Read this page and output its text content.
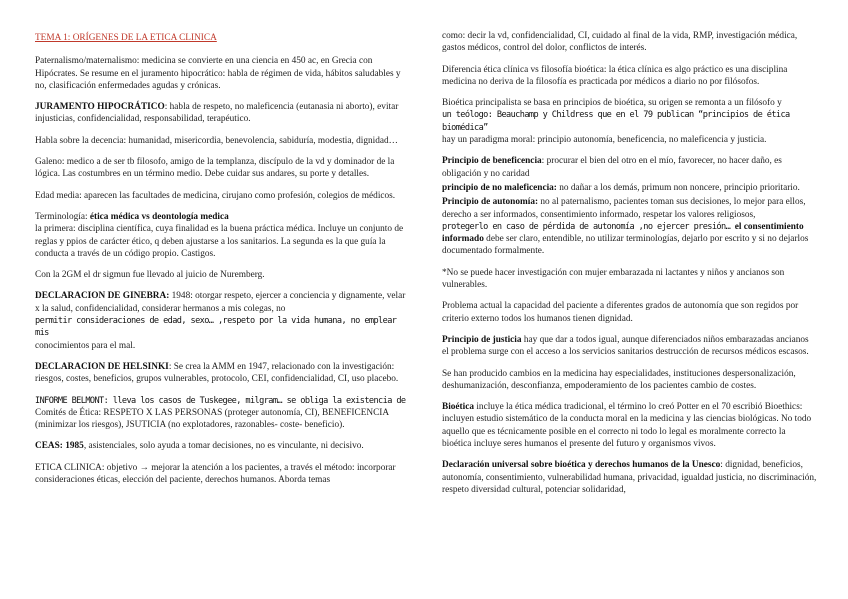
TEMA 1: ORÍGENES DE LA ETICA CLINICA

Paternalismo/maternalismo: medicina se convierte en una ciencia en 450 ac, en Grecia con Hipócrates. Se resume en el juramento hipocrático: habla de régimen de vida, hábitos saludables y no, clasificación enfermedades agudas y crónicas.

JURAMENTO HIPOCRÁTICO: habla de respeto, no maleficencia (eutanasia ni aborto), evitar injusticias, confidencialidad, responsabilidad, terapéutico.

Habla sobre la decencia: humanidad, misericordia, benevolencia, sabiduría, modestia, dignidad…

Galeno: medico a de ser tb filosofo, amigo de la templanza, discípulo de la vd y dominador de la lógica. Las costumbres en un término medio. Debe cuidar sus andares, su porte y detalles.

Edad media: aparecen las facultades de medicina, cirujano como profesión, colegios de médicos.

Terminología: ética médica vs deontología medica
la primera: disciplina científica, cuya finalidad es la buena práctica médica. Incluye un conjunto de reglas y ppios de carácter ético, q deben ajustarse a los sanitarios. La segunda es la que guía la conducta a través de un código propio. Castigos.

Con la 2GM el dr sigmun fue llevado al juicio de Nuremberg.

DECLARACION DE GINEBRA: 1948: otorgar respeto, ejercer a conciencia y dignamente, velar x la salud, confidencialidad, considerar hermanos a mis colegas, no
permitir consideraciones de edad, sexo… ,respeto por la vida humana, no emplear mis
conocimientos para el mal.

DECLARACION DE HELSINKI: Se crea la AMM en 1947, relacionado con la investigación: riesgos, costes, beneficios, grupos vulnerables, protocolo, CEI, confidencialidad, CI, uso placebo.

INFORME BELMONT: lleva los casos de Tuskegee, milgram… se obliga la existencia de
Comités de Ética: RESPETO X LAS PERSONAS (proteger autonomía, CI), BENEFICENCIA (minimizar los riesgos), JSUTICIA (no explotadores, razonables- coste- beneficio).

CEAS: 1985, asistenciales, solo ayuda a tomar decisiones, no es vinculante, ni decisivo.

ETICA CLINICA: objetivo → mejorar la atención a los pacientes, a través el método: incorporar consideraciones éticas, elección del paciente, derechos humanos. Aborda temas

como: decir la vd, confidencialidad, CI, cuidado al final de la vida, RMP, investigación médica, gastos médicos, control del dolor, conflictos de interés.

Diferencia ética clínica vs filosofía bioética: la ética clínica es algo práctico es una disciplina medicina no deriva de la filosofía es practicada por médicos a diario no por filósofos.

Bioética principalista se basa en principios de bioética, su origen se remonta a un filósofo y
un teólogo: Beauchamp y Childress que en el 79 publican “principios de ética biomédica”
hay un paradigma moral: principio autonomía, beneficencia, no maleficencia y justicia.

Principio de beneficencia: procurar el bien del otro en el mío, favorecer, no hacer daño, es obligación y no caridad

principio de no maleficencia: no dañar a los demás, primum non noncere, principio prioritario.

Principio de autonomía: no al paternalismo, pacientes toman sus decisiones, lo mejor para ellos, derecho a ser informados, consentimiento informado, respetar los valores religiosos,
protegerlo en caso de pérdida de autonomía ,no ejercer presión… el consentimiento informado debe ser claro, entendible, no utilizar terminologías, dejarlo por escrito y si no dejarlos documentado formalmente.

*No se puede hacer investigación con mujer embarazada ni lactantes y niños y ancianos son vulnerables.

Problema actual la capacidad del paciente a diferentes grados de autonomía que son regidos por criterio externo todos los humanos tienen dignidad.

Principio de justicia hay que dar a todos igual, aunque diferenciados niños embarazadas ancianos el problema surge con el acceso a los servicios sanitarios destrucción de recursos médicos escasos.

Se han producido cambios en la medicina hay especialidades, instituciones despersonalización, deshumanización, desconfianza, empoderamiento de los pacientes cambio de costes.

Bioética incluye la ética médica tradicional, el término lo creó Potter en el 70 escribió Bioethics: incluyen estudio sistemático de la conducta moral en la medicina y las ciencias biológicas. No todo aquello que es técnicamente posible en el correcto ni todo lo legal es moralmente correcto la bioética incluye seres humanos el presente del futuro y organismos vivos.

Declaración universal sobre bioética y derechos humanos de la Unesco: dignidad, beneficios, autonomía, consentimiento, vulnerabilidad humana, privacidad, igualdad justicia, no discriminación, respeto diversidad cultural, potenciar solidaridad,
